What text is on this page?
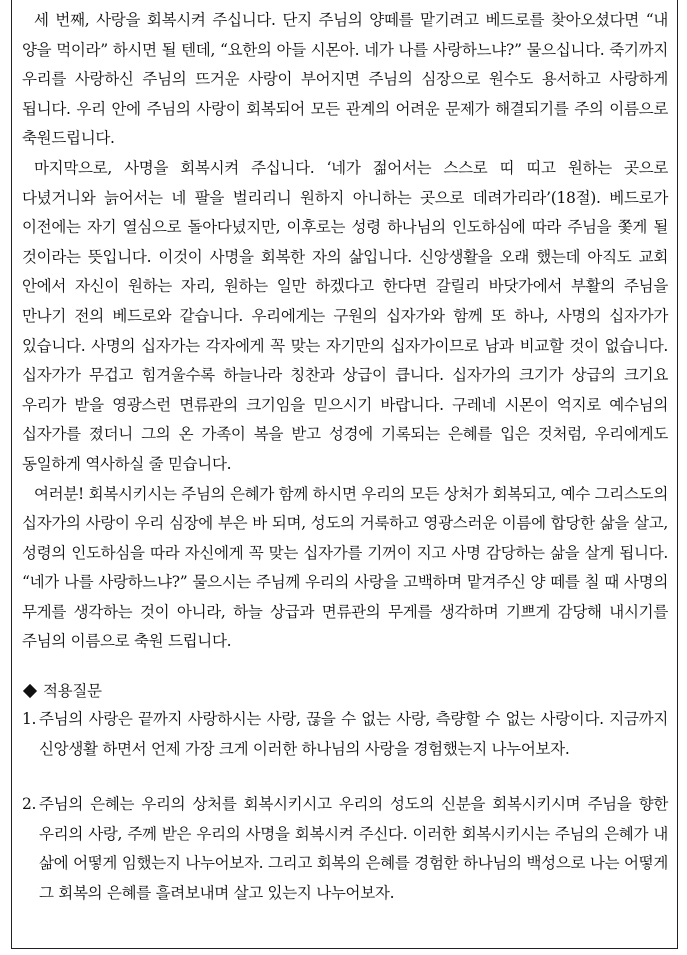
세 번째, 사랑을 회복시켜 주십니다. 단지 주님의 양떼를 맡기려고 베드로를 찾아오셨다면 “내 양을 먹이라” 하시면 될 텐데, “요한의 아들 시몬아. 네가 나를 사랑하느냐?” 물으십니다. 죽기까지 우리를 사랑하신 주님의 뜨거운 사랑이 부어지면 주님의 심장으로 원수도 용서하고 사랑하게 됩니다. 우리 안에 주님의 사랑이 회복되어 모든 관계의 어려운 문제가 해결되기를 주의 이름으로 축원드립니다.

마지막으로, 사명을 회복시켜 주십니다. ‘네가 젊어서는 스스로 띠 띠고 원하는 곳으로 다녔거니와 늙어서는 네 팔을 벌리리니 원하지 아니하는 곳으로 데려가리라’(18절). 베드로가 이전에는 자기 열심으로 돌아다녔지만, 이후로는 성령 하나님의 인도하심에 따라 주님을 쫓게 될 것이라는 뜻입니다. 이것이 사명을 회복한 자의 삶입니다. 신앙생활을 오래 했는데 아직도 교회 안에서 자신이 원하는 자리, 원하는 일만 하겠다고 한다면 갈릴리 바닷가에서 부활의 주님을 만나기 전의 베드로와 같습니다. 우리에게는 구원의 십자가와 함께 또 하나, 사명의 십자가가 있습니다. 사명의 십자가는 각자에게 꼭 맞는 자기만의 십자가이므로 남과 비교할 것이 없습니다. 십자가가 무겁고 힘겨울수록 하늘나라 칭찬과 상급이 큽니다. 십자가의 크기가 상급의 크기요 우리가 받을 영광스런 면류관의 크기임을 믿으시기 바랍니다. 구레네 시몬이 억지로 예수님의 십자가를 졌더니 그의 온 가족이 복을 받고 성경에 기록되는 은혜를 입은 것처럼, 우리에게도 동일하게 역사하실 줄 믿습니다.

여러분! 회복시키시는 주님의 은혜가 함께 하시면 우리의 모든 상처가 회복되고, 예수 그리스도의 십자가의 사랑이 우리 심장에 부은 바 되며, 성도의 거룩하고 영광스러운 이름에 합당한 삶을 살고, 성령의 인도하심을 따라 자신에게 꼭 맞는 십자가를 기꺼이 지고 사명 감당하는 삶을 살게 됩니다. “네가 나를 사랑하느냐?” 물으시는 주님께 우리의 사랑을 고백하며 맡겨주신 양 떼를 칠 때 사명의 무게를 생각하는 것이 아니라, 하늘 상급과 면류관의 무게를 생각하며 기쁘게 감당해 내시기를 주님의 이름으로 축원 드립니다.

적용질문
1. 주님의 사랑은 끝까지 사랑하시는 사랑, 끊을 수 없는 사랑, 측량할 수 없는 사랑이다. 지금까지 신앙생활 하면서 언제 가장 크게 이러한 하나님의 사랑을 경험했는지 나누어보자.
2. 주님의 은혜는 우리의 상처를 회복시키시고 우리의 성도의 신분을 회복시키시며 주님을 향한 우리의 사랑, 주께 받은 우리의 사명을 회복시켜 주신다. 이러한 회복시키시는 주님의 은혜가 내 삶에 어떻게 임했는지 나누어보자. 그리고 회복의 은혜를 경험한 하나님의 백성으로 나는 어떻게 그 회복의 은혜를 흘려보내며 살고 있는지 나누어보자.
